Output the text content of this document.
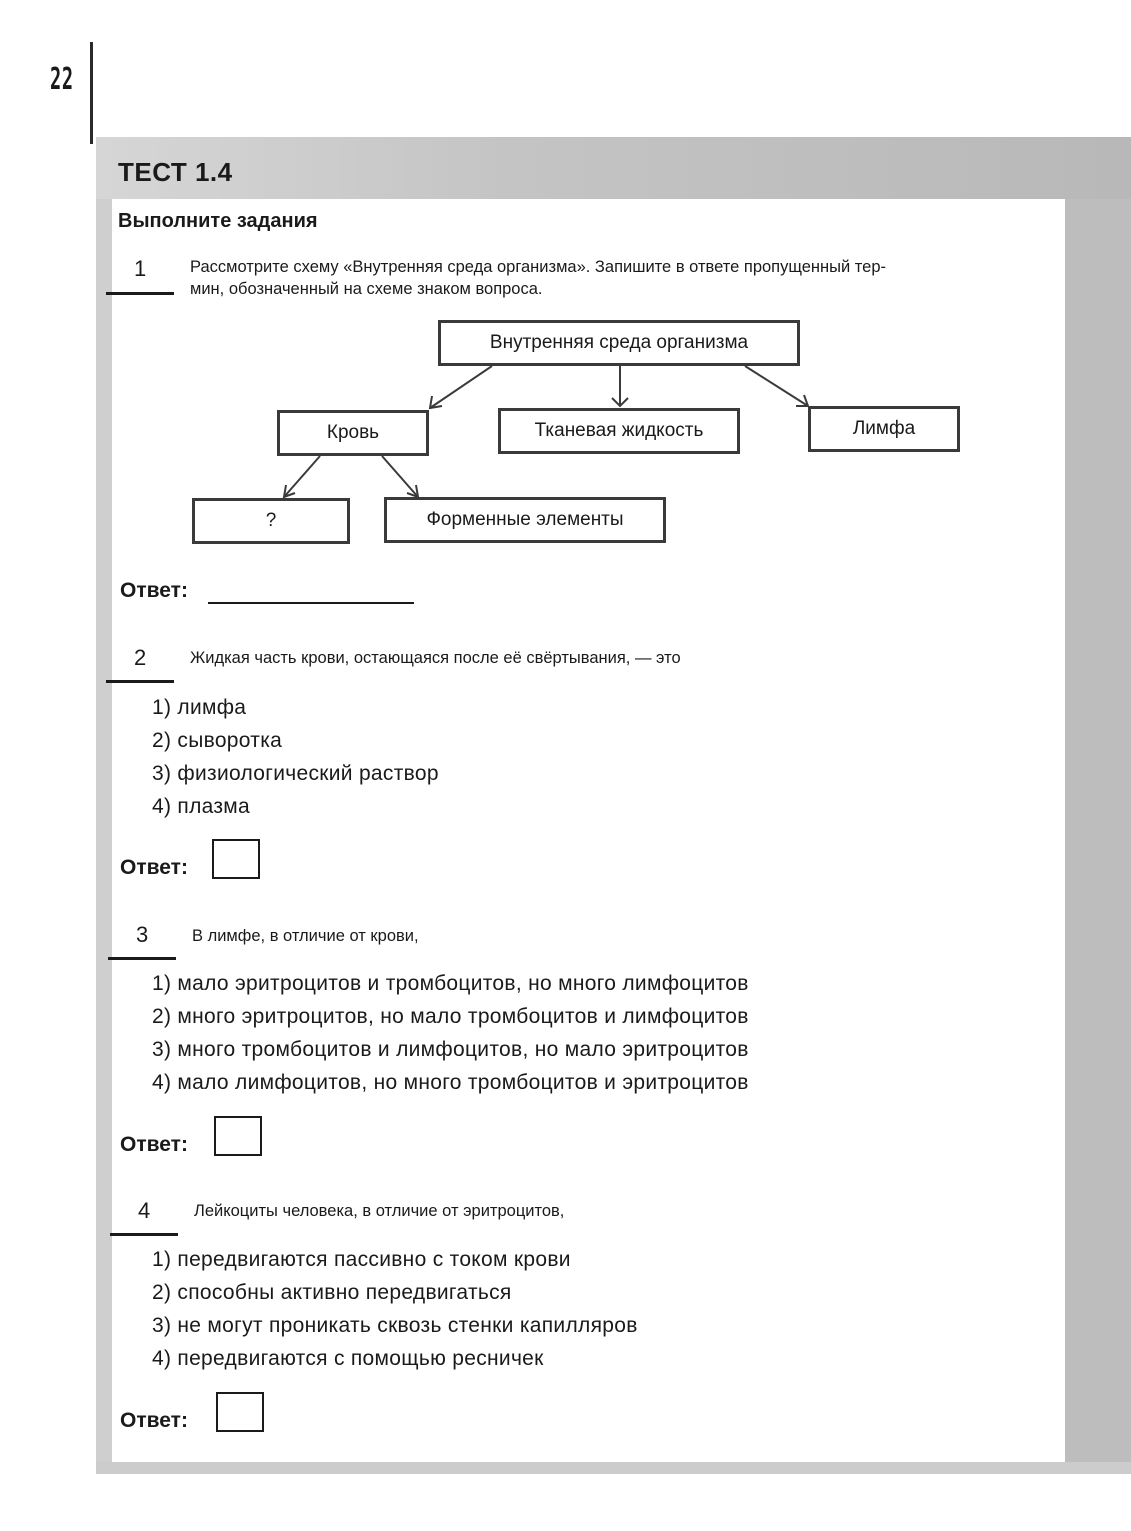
22
ТЕСТ 1.4
Выполните задания
1	Рассмотрите схему «Внутренняя среда организма». Запишите в ответе пропущенный тер-
мин, обозначенный на схеме знаком вопроса.
Внутренняя среда организма
Кровь	Тканевая жидкость	Лимфа
?	Форменные элементы
Ответ:
2	Жидкая часть крови, остающаяся после её свёртывания, — это
1) лимфа
2) сыворотка
3) физиологический раствор
4) плазма
Ответ:
3	В лимфе, в отличие от крови,
1) мало эритроцитов и тромбоцитов, но много лимфоцитов
2) много эритроцитов, но мало тромбоцитов и лимфоцитов
3) много тромбоцитов и лимфоцитов, но мало эритроцитов
4) мало лимфоцитов, но много тромбоцитов и эритроцитов
Ответ:
4	Лейкоциты человека, в отличие от эритроцитов,
1) передвигаются пассивно с током крови
2) способны активно передвигаться
3) не могут проникать сквозь стенки капилляров
4) передвигаются с помощью ресничек
Ответ:
